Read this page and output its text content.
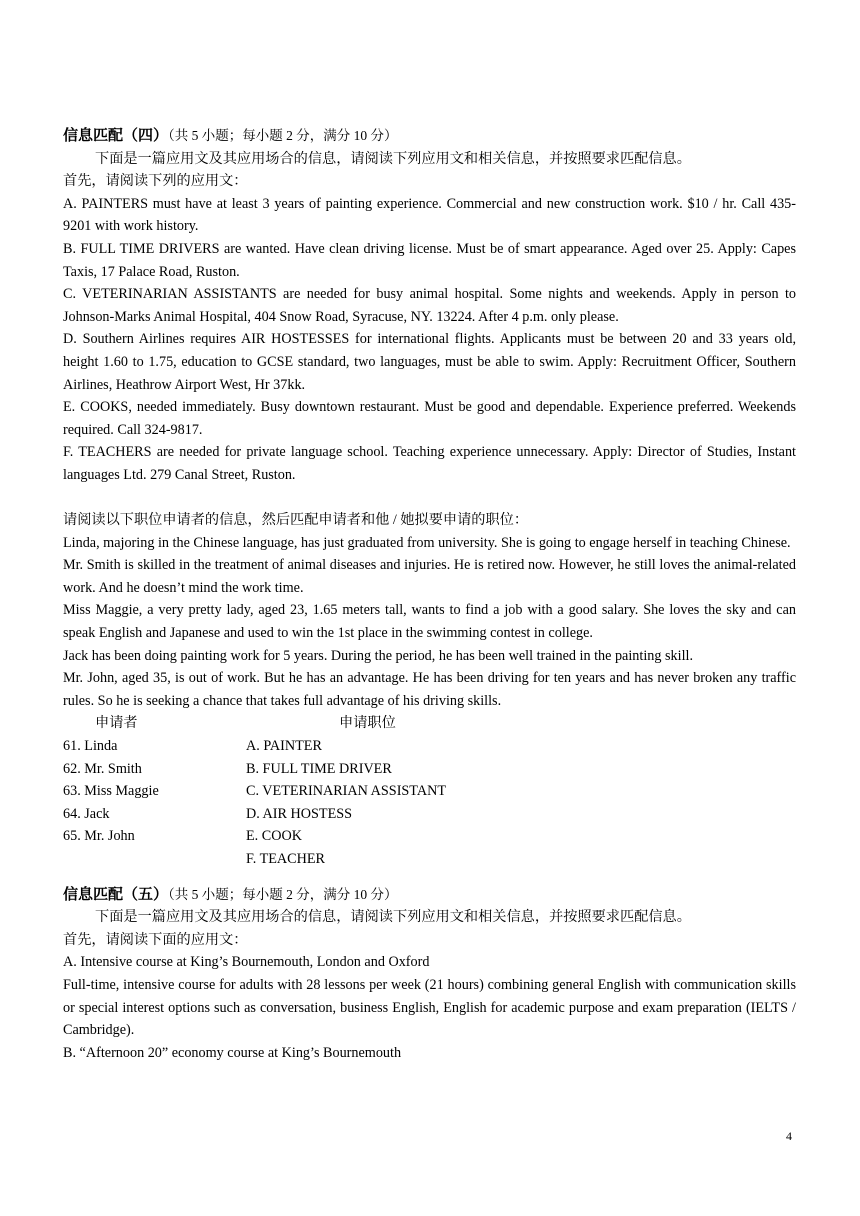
信息匹配（四）（共 5 小题；每小题 2 分，满分 10 分）

下面是一篇应用文及其应用场合的信息，请阅读下列应用文和相关信息，并按照要求匹配信息。

首先，请阅读下列的应用文：

A. PAINTERS must have at least 3 years of painting experience. Commercial and new construction work. $10 / hr. Call 435-9201 with work history.

B. FULL TIME DRIVERS are wanted. Have clean driving license. Must be of smart appearance. Aged over 25. Apply: Capes Taxis, 17 Palace Road, Ruston.

C. VETERINARIAN ASSISTANTS are needed for busy animal hospital. Some nights and weekends. Apply in person to Johnson-Marks Animal Hospital, 404 Snow Road, Syracuse, NY. 13224. After 4 p.m. only please.

D. Southern Airlines requires AIR HOSTESSES for international flights. Applicants must be between 20 and 33 years old, height 1.60 to 1.75, education to GCSE standard, two languages, must be able to swim. Apply: Recruitment Officer, Southern Airlines, Heathrow Airport West, Hr 37kk.

E. COOKS, needed immediately. Busy downtown restaurant. Must be good and dependable. Experience preferred. Weekends required. Call 324-9817.

F. TEACHERS are needed for private language school. Teaching experience unnecessary. Apply: Director of Studies, Instant languages Ltd. 279 Canal Street, Ruston.

请阅读以下职位申请者的信息，然后匹配申请者和他 / 她拟要申请的职位：

Linda, majoring in the Chinese language, has just graduated from university. She is going to engage herself in teaching Chinese.

Mr. Smith is skilled in the treatment of animal diseases and injuries. He is retired now. However, he still loves the animal-related work. And he doesn’t mind the work time.

Miss Maggie, a very pretty lady, aged 23, 1.65 meters tall, wants to find a job with a good salary. She loves the sky and can speak English and Japanese and used to win the 1st place in the swimming contest in college.

Jack has been doing painting work for 5 years. During the period, he has been well trained in the painting skill.

Mr. John, aged 35, is out of work. But he has an advantage. He has been driving for ten years and has never broken any traffic rules. So he is seeking a chance that takes full advantage of his driving skills.

申请者	申请职位
61. Linda	A. PAINTER
62. Mr. Smith	B. FULL TIME DRIVER
63. Miss Maggie	C. VETERINARIAN ASSISTANT
64. Jack	D. AIR HOSTESS
65. Mr. John	E. COOK
F. TEACHER

信息匹配（五）（共 5 小题；每小题 2 分，满分 10 分）

下面是一篇应用文及其应用场合的信息，请阅读下列应用文和相关信息，并按照要求匹配信息。

首先，请阅读下面的应用文：

A. Intensive course at King’s Bournemouth, London and Oxford

Full-time, intensive course for adults with 28 lessons per week (21 hours) combining general English with communication skills or special interest options such as conversation, business English, English for academic purpose and exam preparation (IELTS / Cambridge).

B. “Afternoon 20” economy course at King’s Bournemouth

4
